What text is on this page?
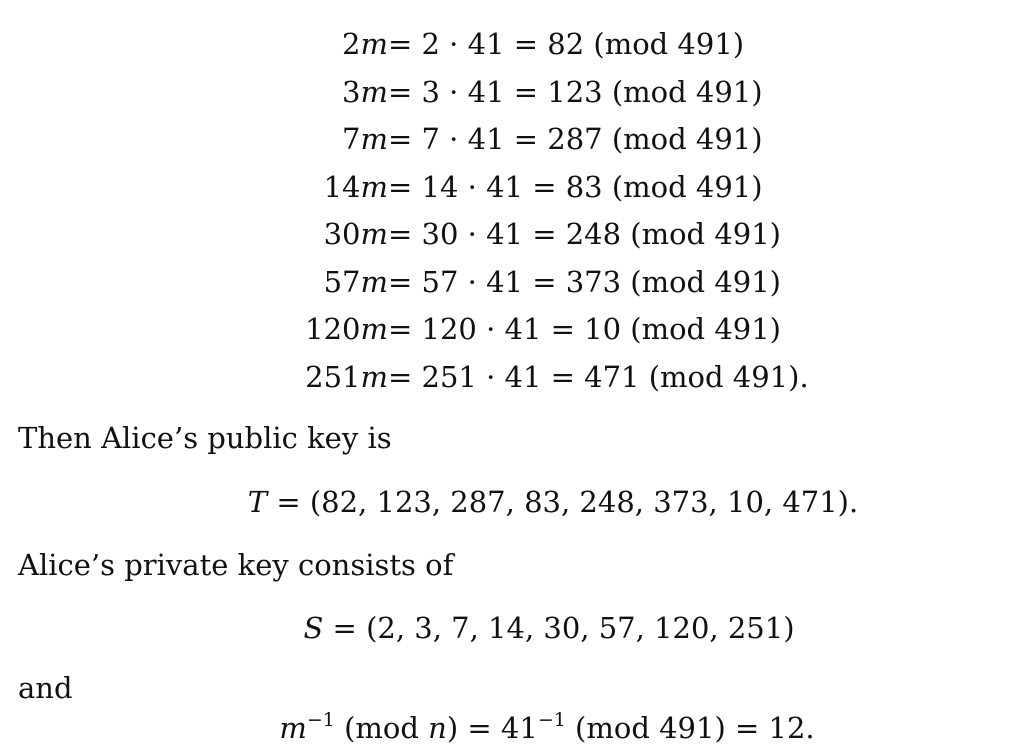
2m = 2 · 41 = 82 (mod 491)
3m = 3 · 41 = 123 (mod 491)
7m = 7 · 41 = 287 (mod 491)
14m = 14 · 41 = 83 (mod 491)
30m = 30 · 41 = 248 (mod 491)
57m = 57 · 41 = 373 (mod 491)
120m = 120 · 41 = 10 (mod 491)
251m = 251 · 41 = 471 (mod 491).
Then Alice’s public key is
T = (82, 123, 287, 83, 248, 373, 10, 471).
Alice’s private key consists of
S = (2, 3, 7, 14, 30, 57, 120, 251)
and
$m^{-1}$ (mod $n) = 41^{-1}$ (mod 491) = 12.
